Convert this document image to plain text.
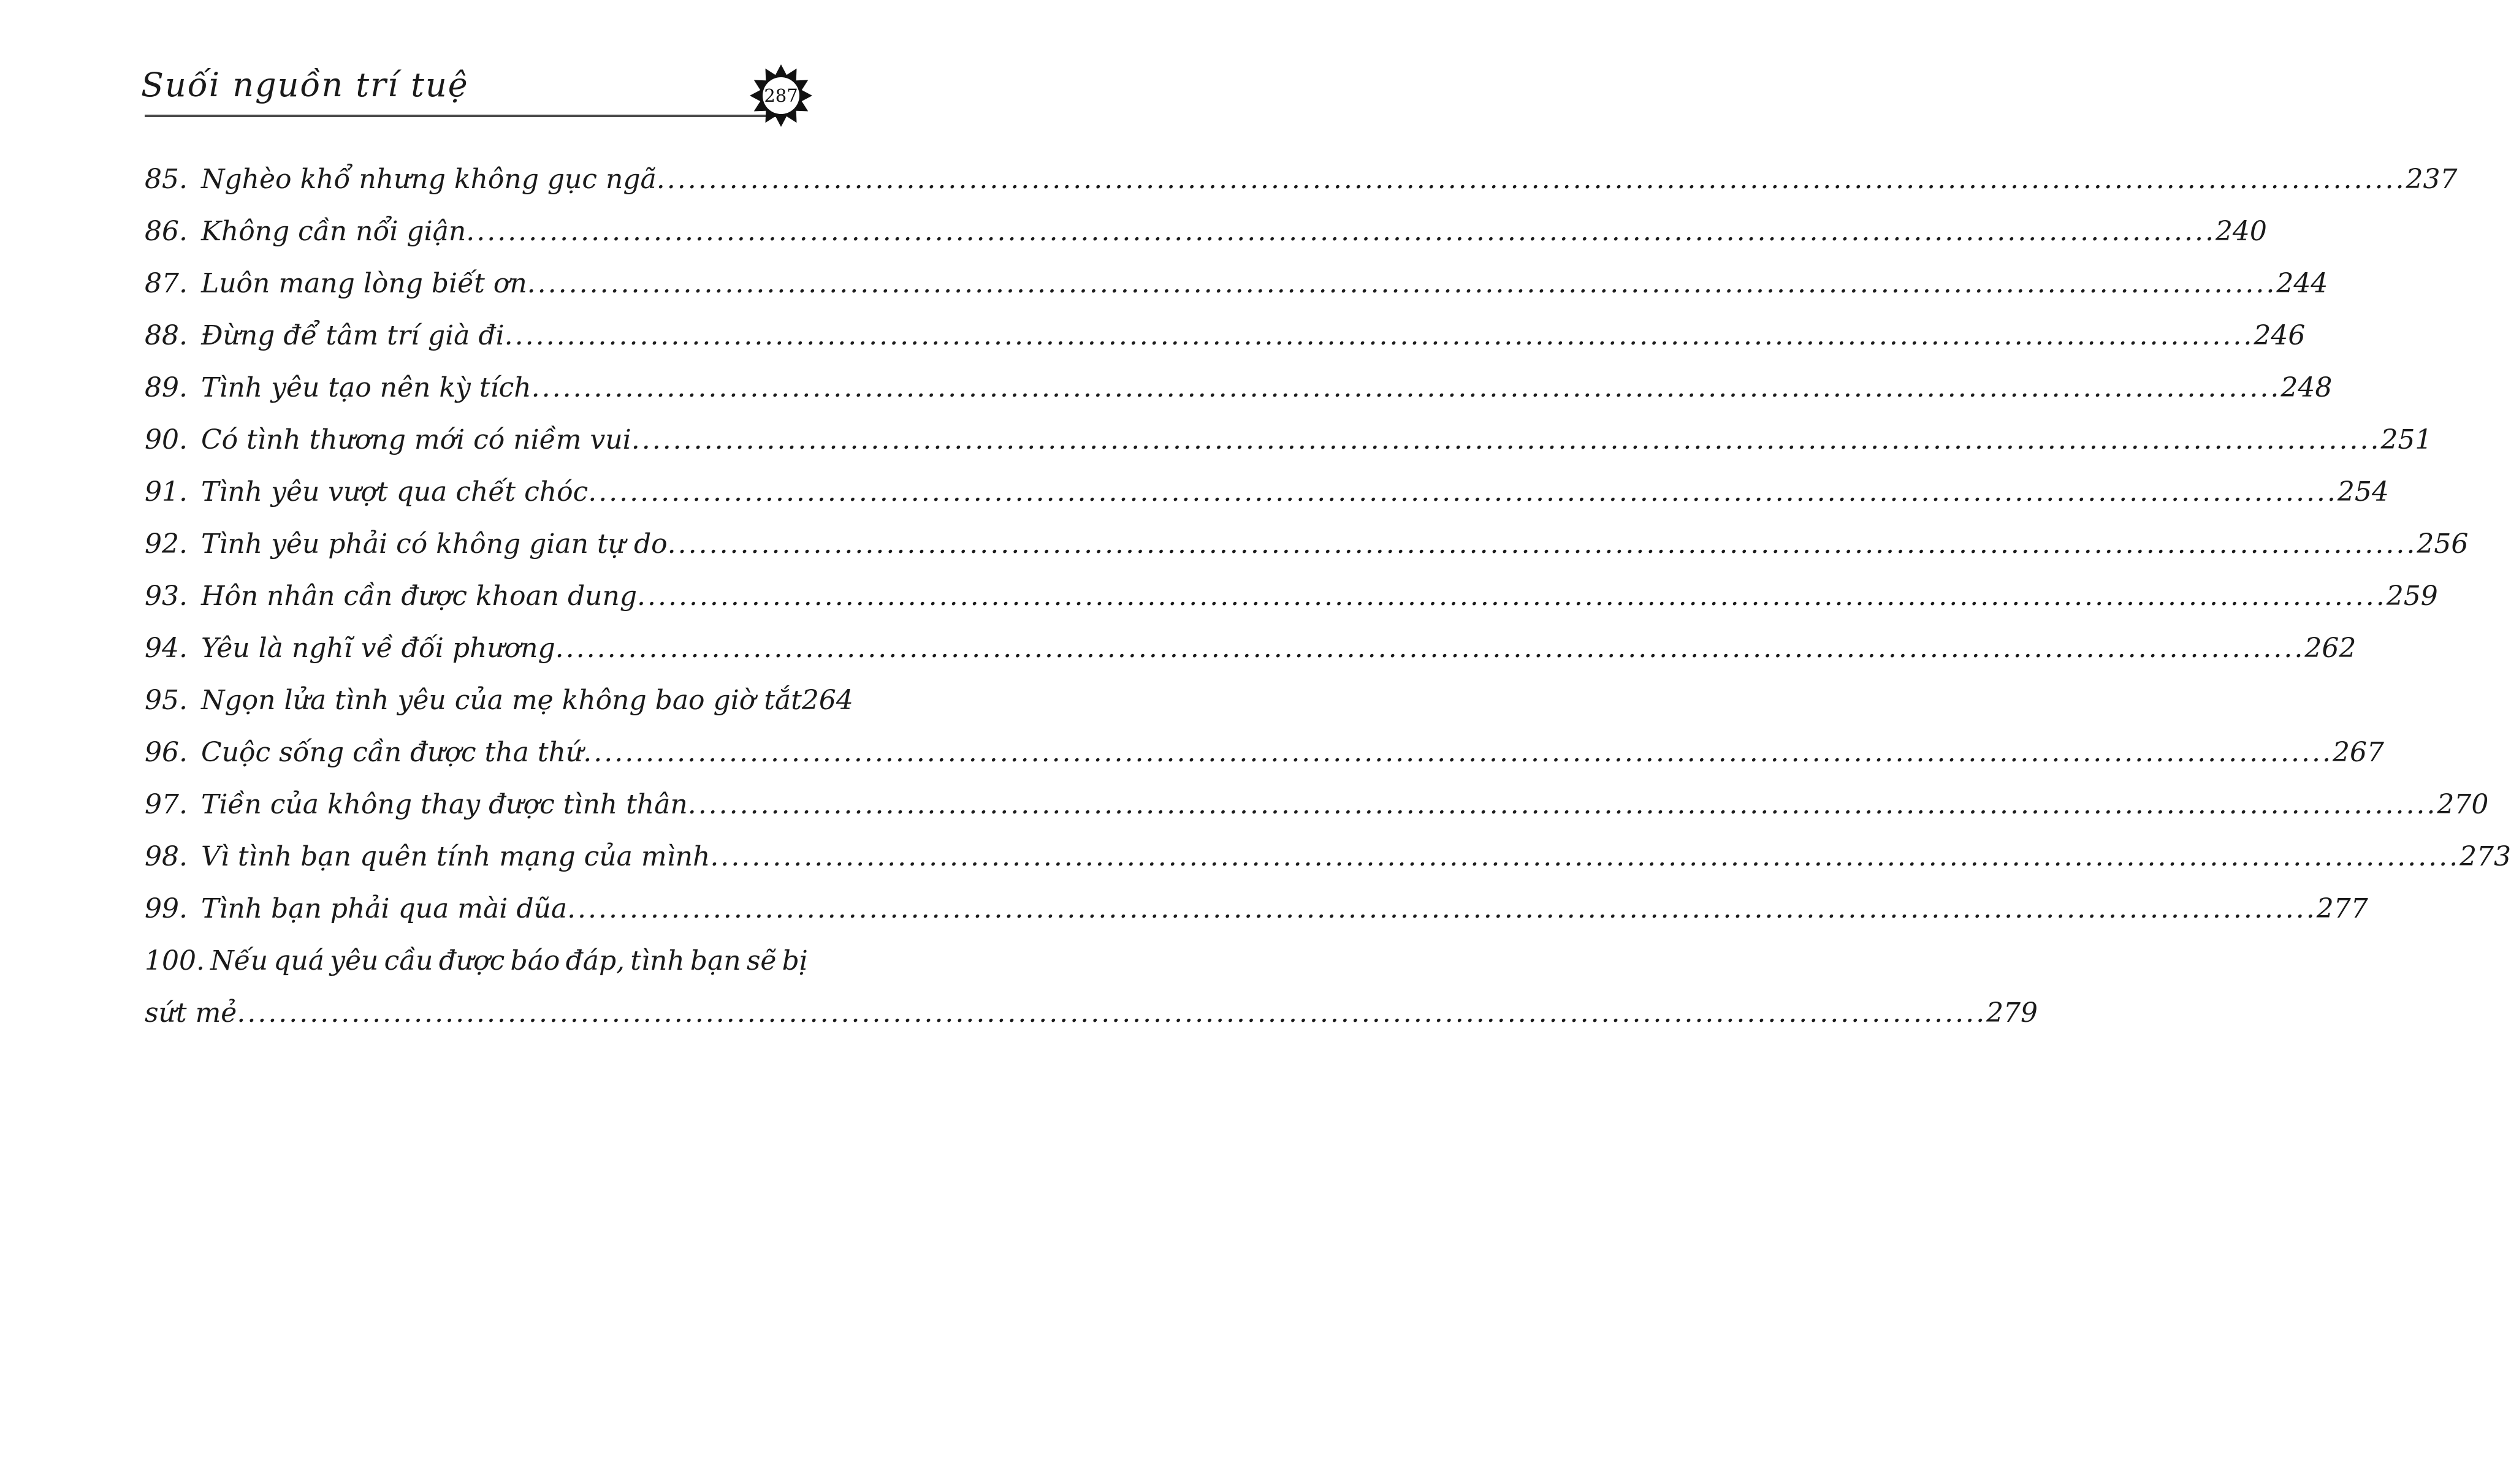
Suối nguồn trí tuệ	287
85. Nghèo khổ nhưng không gục ngã .....	237
86. Không cần nổi giận .....	240
87. Luôn mang lòng biết ơn .....	244
88. Đừng để tâm trí già đi .....	246
89. Tình yêu tạo nên kỳ tích .....	248
90. Có tình thương mới có niềm vui .....	251
91. Tình yêu vượt qua chết chóc .....	254
92. Tình yêu phải có không gian tự do .....	256
93. Hôn nhân cần được khoan dung .....	259
94. Yêu là nghĩ về đối phương .....	262
95. Ngọn lửa tình yêu của mẹ không bao giờ tắt 264
96. Cuộc sống cần được tha thứ .....	267
97. Tiền của không thay được tình thân .....	270
98. Vì tình bạn quên tính mạng của mình .....	273
99. Tình bạn phải qua mài dũa .....	277
100. Nếu quá yêu cầu được báo đáp, tình bạn sẽ bị
sứt mẻ .....	279
